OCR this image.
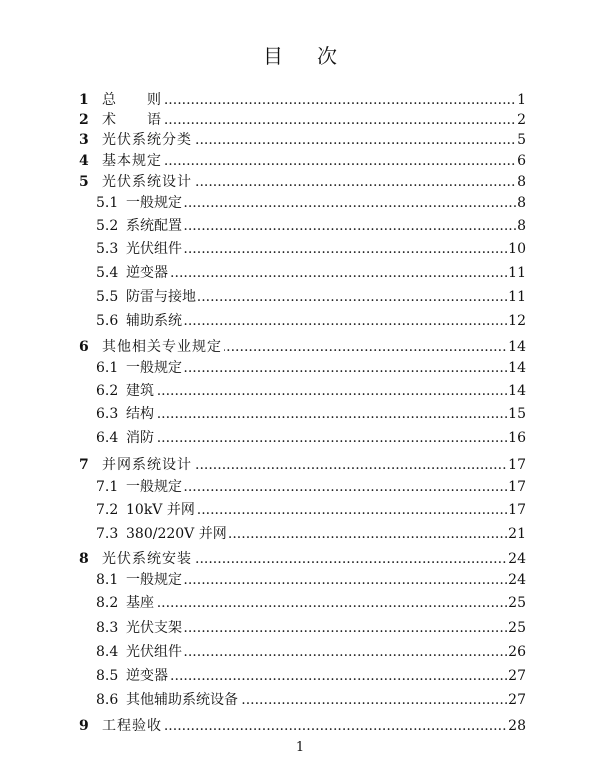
目 次
.....
1 总　　则	1
.....
2 术　　语	2
.....
3 光伏系统分类	5
.....
4 基本规定	6
.....
5 光伏系统设计	8
.....
5.1 一般规定	8
.....
5.2 系统配置	8
.....
5.3 光伏组件	10
.....
5.4 逆变器	11
.....
5.5 防雷与接地	11
.....
5.6 辅助系统	12
.....
6 其他相关专业规定	14
.....
6.1 一般规定	14
.....
6.2 建筑	14
.....
6.3 结构	15
.....
6.4 消防	16
.....
7 并网系统设计	17
.....
7.1 一般规定	17
.....
7.2 10kV 并网	17
.....
7.3 380/220V 并网	21
.....
8 光伏系统安装	24
.....
8.1 一般规定	24
.....
8.2 基座	25
.....
8.3 光伏支架	25
.....
8.4 光伏组件	26
.....
8.5 逆变器	27
.....
8.6 其他辅助系统设备	27
.....
9 工程验收	28
1
